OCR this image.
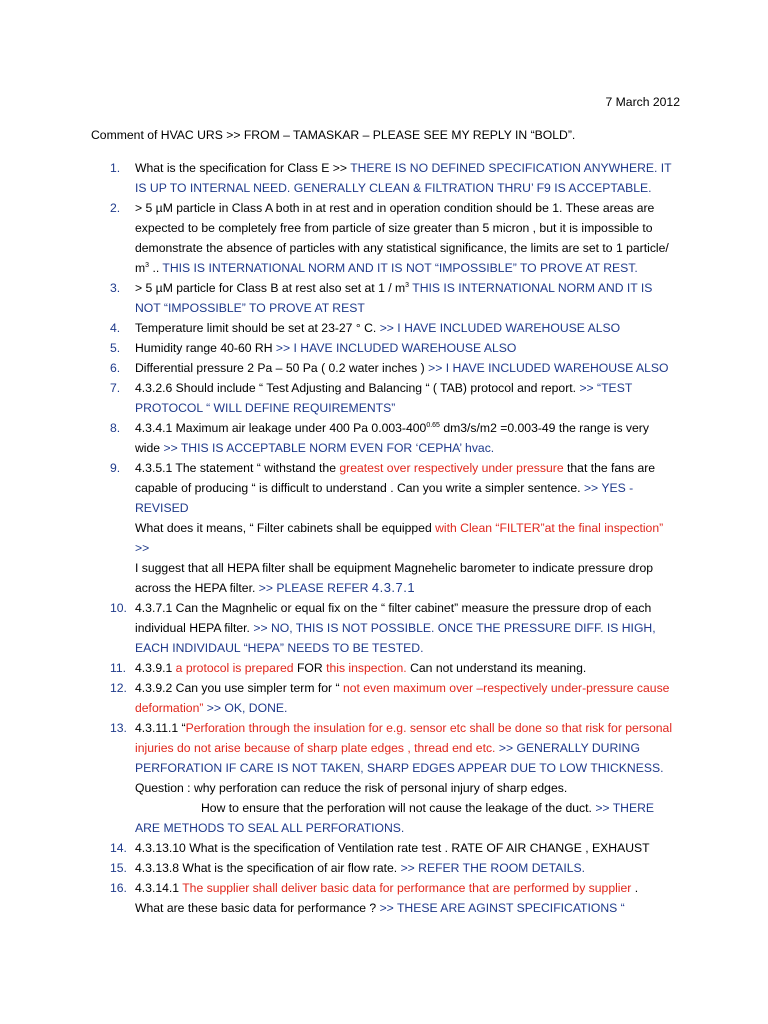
7 March 2012
Comment of HVAC URS >> FROM – TAMASKAR – PLEASE SEE MY REPLY IN “BOLD”.
1.	What is the specification for Class E >> THERE IS NO DEFINED SPECIFICATION ANYWHERE. IT IS UP TO INTERNAL NEED. GENERALLY CLEAN & FILTRATION THRU’ F9 IS ACCEPTABLE.
2.	> 5 µM particle in Class A both in at rest and in operation condition should be 1. These areas are expected to be completely free from particle of size greater than 5 micron , but it is impossible to demonstrate the absence of particles with any statistical significance, the limits are set to 1 particle/ $m^3$ .. THIS IS INTERNATIONAL NORM AND IT IS NOT “IMPOSSIBLE” TO PROVE AT REST.
3.	> 5 µM particle for Class B at rest also set at $1 / m^3$ THIS IS INTERNATIONAL NORM AND IT IS NOT “IMPOSSIBLE” TO PROVE AT REST
4.	Temperature limit should be set at 23-27 ° C. >> I HAVE INCLUDED WAREHOUSE ALSO
5.	Humidity range 40-60 RH >> I HAVE INCLUDED WAREHOUSE ALSO
6.	Differential pressure 2 Pa – 50 Pa ( 0.2 water inches ) >> I HAVE INCLUDED WAREHOUSE ALSO
7.	4.3.2.6 Should include “ Test Adjusting and Balancing “ ( TAB) protocol and report. >> “TEST PROTOCOL “ WILL DEFINE REQUIREMENTS”
8.	4.3.4.1 Maximum air leakage under 400 Pa $0.003-400^{0.65}$ dm3/s/m2 =0.003-49 the range is very wide >> THIS IS ACCEPTABLE NORM EVEN FOR ‘CEPHA’ hvac.
9.	4.3.5.1 The statement “ withstand the greatest over respectively under pressure that the fans are capable of producing “ is difficult to understand . Can you write a simpler sentence. >> YES - REVISED

What does it means, “ Filter cabinets shall be equipped with Clean “FILTER”at the final inspection” >>

I suggest that all HEPA filter shall be equipment Magnehelic barometer to indicate pressure drop across the HEPA filter. >> PLEASE REFER 4.3.7.1

10. 4.3.7.1 Can the Magnhelic or equal fix on the “ filter cabinet” measure the pressure drop of each individual HEPA filter. >> NO, THIS IS NOT POSSIBLE. ONCE THE PRESSURE DIFF. IS HIGH, EACH INDIVIDAUL “HEPA” NEEDS TO BE TESTED.
11. 4.3.9.1 a protocol is prepared FOR this inspection. Can not understand its meaning.
12. 4.3.9.2 Can you use simpler term for “ not even maximum over –respectively under-pressure cause deformation” >> OK, DONE.
13. 4.3.11.1 “Perforation through the insulation for e.g. sensor etc shall be done so that risk for personal injuries do not arise because of sharp plate edges , thread end etc. >> GENERALLY DURING PERFORATION IF CARE IS NOT TAKEN, SHARP EDGES APPEAR DUE TO LOW THICKNESS.

Question : why perforation can reduce the risk of personal injury of sharp edges.

How to ensure that the perforation will not cause the leakage of the duct. >> THERE

ARE METHODS TO SEAL ALL PERFORATIONS.

14. 4.3.13.10 What is the specification of Ventilation rate test . RATE OF AIR CHANGE , EXHAUST
15. 4.3.13.8 What is the specification of air flow rate. >> REFER THE ROOM DETAILS.
16. 4.3.14.1 The supplier shall deliver basic data for performance that are performed by supplier .

What are these basic data for performance ? >> THESE ARE AGINST SPECIFICATIONS “
